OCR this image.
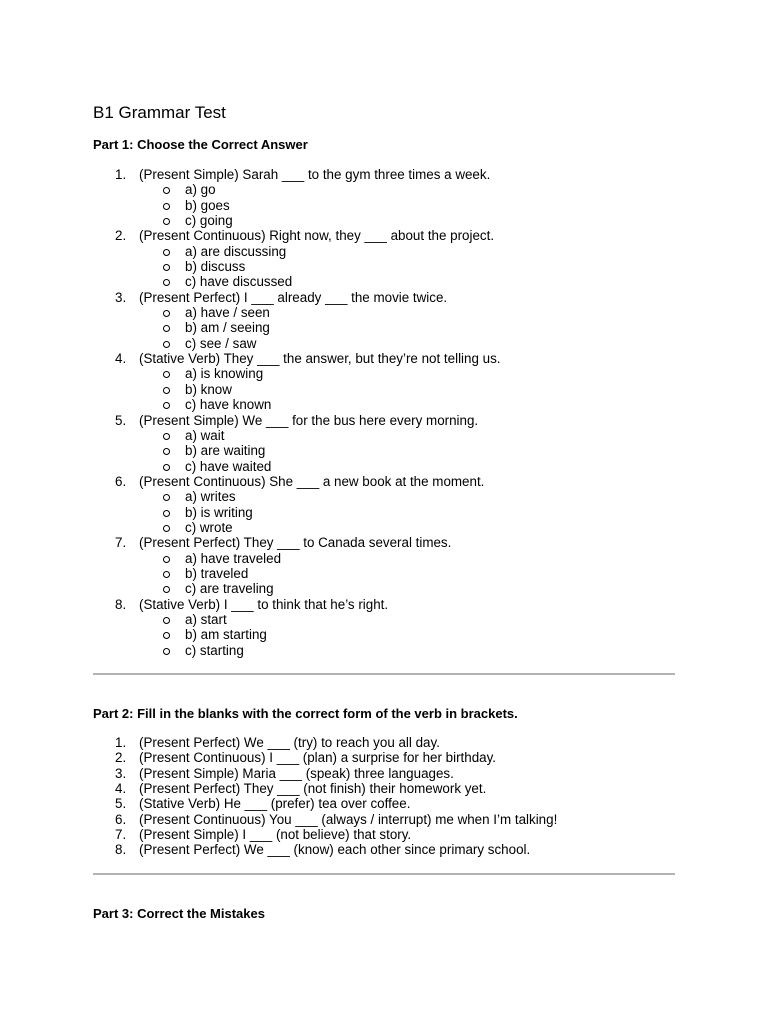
B1 Grammar Test
Part 1: Choose the Correct Answer
1. (Present Simple) Sarah ___ to the gym three times a week.
a) go
b) goes
c) going
2. (Present Continuous) Right now, they ___ about the project.
a) are discussing
b) discuss
c) have discussed
3. (Present Perfect) I ___ already ___ the movie twice.
a) have / seen
b) am / seeing
c) see / saw
4. (Stative Verb) They ___ the answer, but they’re not telling us.
a) is knowing
b) know
c) have known
5. (Present Simple) We ___ for the bus here every morning.
a) wait
b) are waiting
c) have waited
6. (Present Continuous) She ___ a new book at the moment.
a) writes
b) is writing
c) wrote
7. (Present Perfect) They ___ to Canada several times.
a) have traveled
b) traveled
c) are traveling
8. (Stative Verb) I ___ to think that he’s right.
a) start
b) am starting
c) starting
Part 2: Fill in the blanks with the correct form of the verb in brackets.
1. (Present Perfect) We ___ (try) to reach you all day.
2. (Present Continuous) I ___ (plan) a surprise for her birthday.
3. (Present Simple) Maria ___ (speak) three languages.
4. (Present Perfect) They ___ (not finish) their homework yet.
5. (Stative Verb) He ___ (prefer) tea over coffee.
6. (Present Continuous) You ___ (always / interrupt) me when I’m talking!
7. (Present Simple) I ___ (not believe) that story.
8. (Present Perfect) We ___ (know) each other since primary school.
Part 3: Correct the Mistakes
